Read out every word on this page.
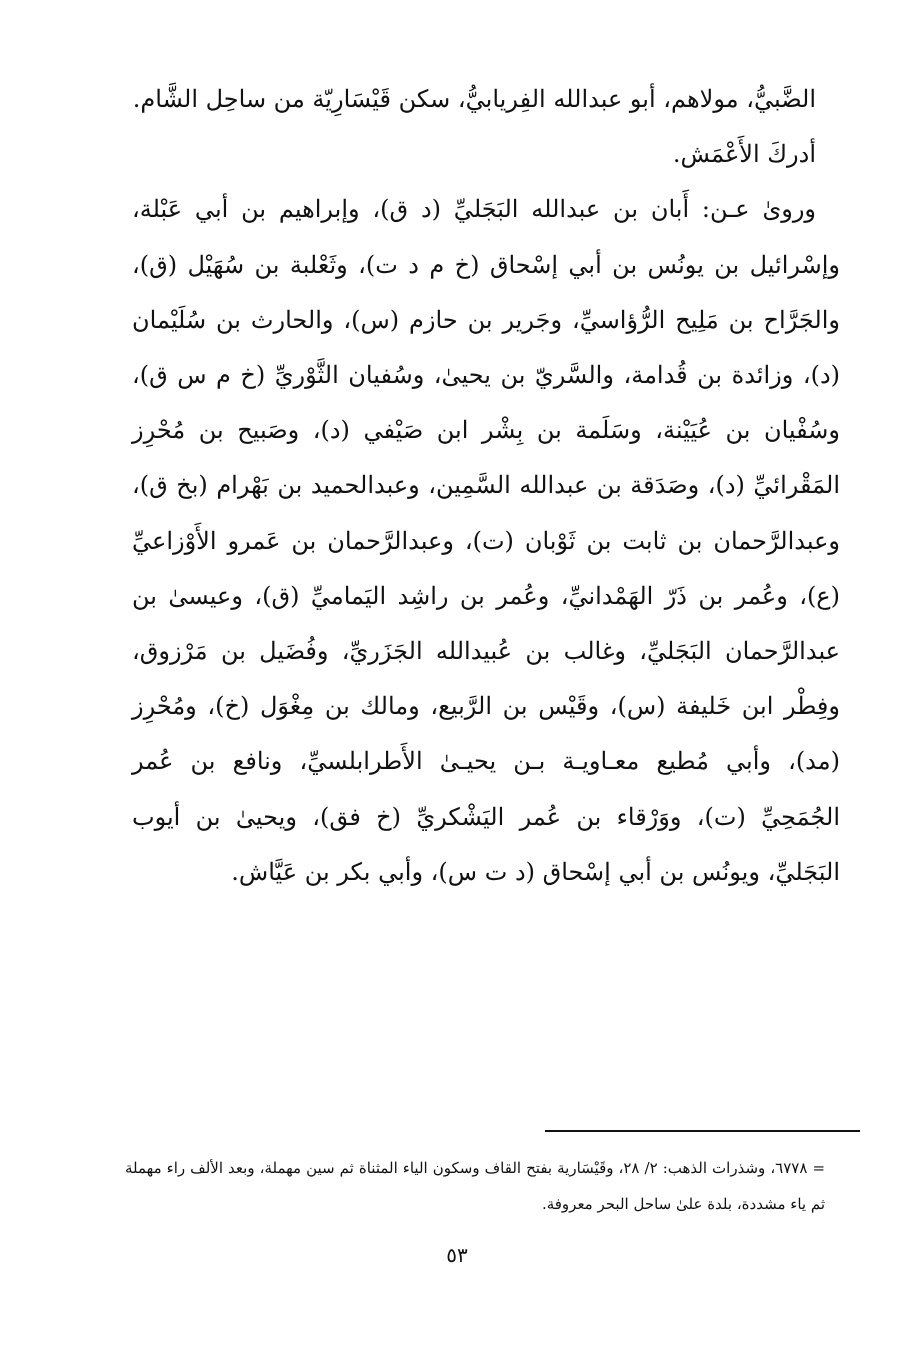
الضَّبيُّ، مولاهم، أبو عبدالله الفِريابيُّ، سكن قَيْسَارِيّة من ساحِل الشَّام.

أدركَ الأَعْمَش.

وروىٰ عـن: أَبان بن عبدالله البَجَليِّ (د ق)، وإبراهيم بن أبي عَبْلة، وإسْرائيل بن يونُس بن أبي إسْحاق (خ م د ت)، وثَعْلبة بن سُهَيْل (ق)، والجَرَّاح بن مَلِيح الرُّؤاسيِّ، وجَرير بن حازم (س)، والحارث بن سُلَيْمان (د)، وزائدة بن قُدامة، والسَّريّ بن يحيىٰ، وسُفيان الثَّوْريِّ (خ م س ق)، وسُفْيان بن عُيَيْنة، وسَلَمة بن بِشْر ابن صَيْفي (د)، وصَبيح بن مُحْرِز المَقْرائيِّ (د)، وصَدَقة بن عبدالله السَّمِين، وعبدالحميد بن بَهْرام (بخ ق)، وعبدالرَّحمان بن ثابت بن ثَوْبان (ت)، وعبدالرَّحمان بن عَمرو الأَوْزاعيِّ (ع)، وعُمر بن ذَرّ الهَمْدانيِّ، وعُمر بن راشِد اليَماميِّ (ق)، وعيسىٰ بن عبدالرَّحمان البَجَليِّ، وغالب بن عُبيدالله الجَزَريِّ، وفُضَيل بن مَرْزوق، وفِطْر ابن خَليفة (س)، وقَيْس بن الرَّبيع، ومالك بن مِغْوَل (خ)، ومُحْرِز (مد)، وأبي مُطيع معـاويـة بـن يحيـىٰ الأَطرابلسيِّ، ونافع بن عُمر الجُمَحِيِّ (ت)، ووَرْقاء بن عُمر اليَشْكريِّ (خ فق)، ويحيىٰ بن أيوب البَجَليِّ، ويونُس بن أبي إسْحاق (د ت س)، وأبي بكر بن عَيَّاش.

= ٦٧٧٨، وشذرات الذهب: ٢/ ٢٨، وقَيْسَارية بفتح القاف وسكون الياء المثناة ثم سين مهملة، وبعد الألف راء مهملة ثم ياء مشددة، بلدة علىٰ ساحل البحر معروفة.

٥٣
